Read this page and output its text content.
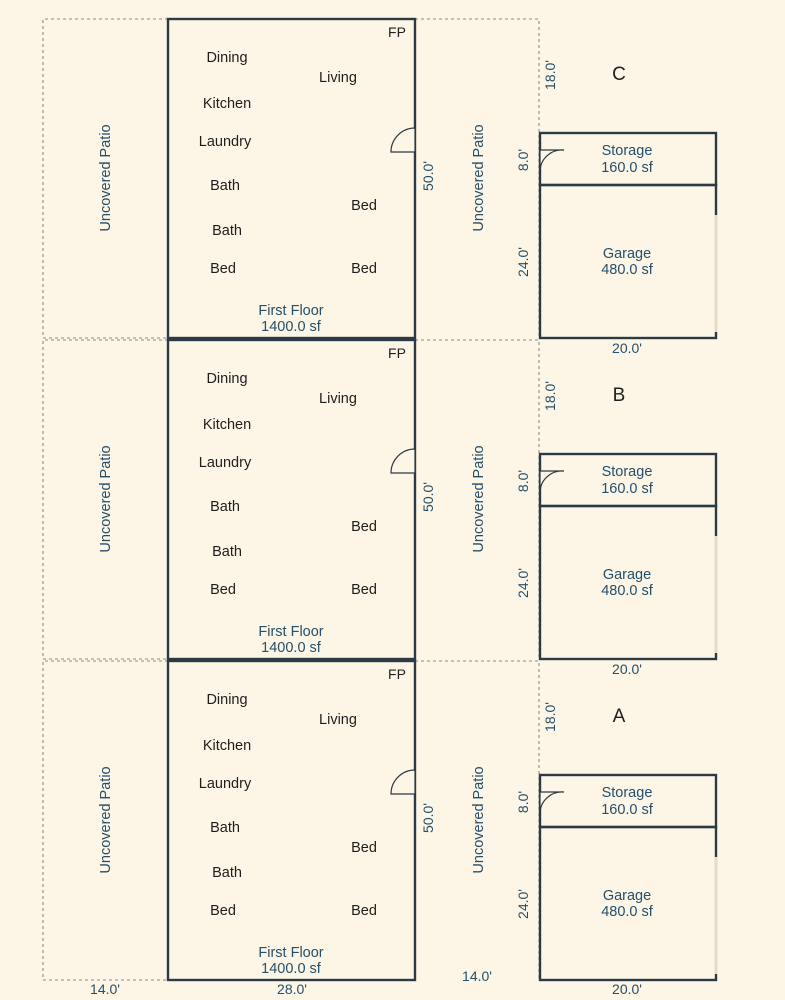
FP
Dining
Living
Kitchen
Laundry
Bath
Bed
Bath
Bed	Bed
First Floor
1400.0 sf
Uncovered Patio	Uncovered Patio
50.0'
18.0'
8.0'
24.0'
C
Storage
160.0 sf
Garage
480.0 sf
20.0'
FP
Dining
Living
Kitchen
Laundry
Bath
Bed
Bath
Bed	Bed
First Floor
1400.0 sf
Uncovered Patio	Uncovered Patio
50.0'
18.0'
8.0'
24.0'
B
Storage
160.0 sf
Garage
480.0 sf
20.0'
FP
Dining
Living
Kitchen
Laundry
Bath
Bed
Bath
Bed	Bed
First Floor
1400.0 sf
Uncovered Patio	Uncovered Patio
50.0'
18.0'
8.0'
24.0'
A
Storage
160.0 sf
Garage
480.0 sf
14.0'	28.0'
14.0'
20.0'
